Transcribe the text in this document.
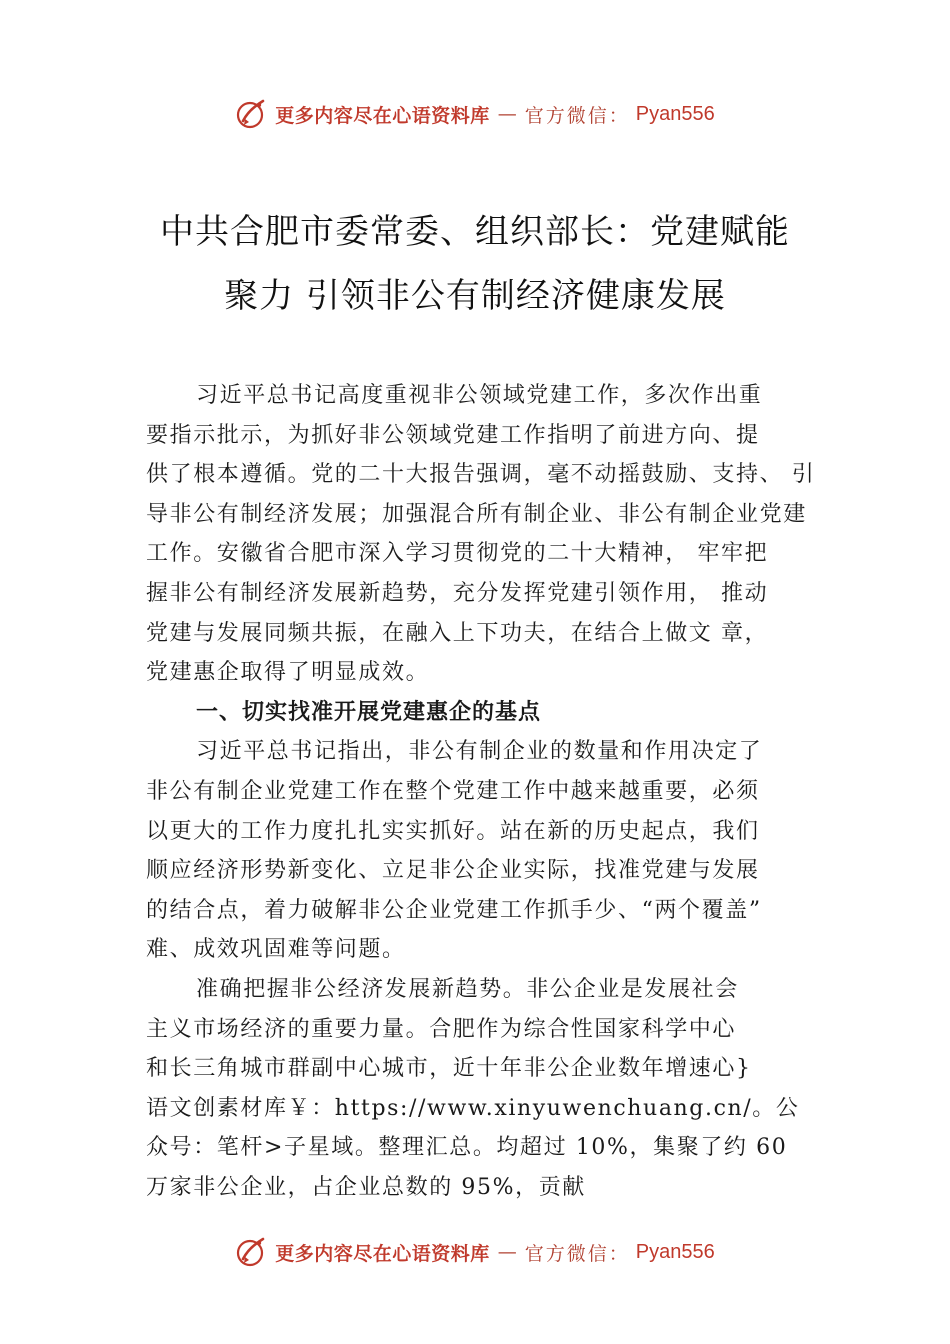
更多内容尽在心语资料库 — 官方微信： Pyan556
中共合肥市委常委、组织部长：党建赋能
聚力 引领非公有制经济健康发展

习近平总书记高度重视非公领域党建工作，多次作出重

要指示批示，为抓好非公领域党建工作指明了前进方向、提

供了根本遵循。党的二十大报告强调，毫不动摇鼓励、支持、 引

导非公有制经济发展；加强混合所有制企业、非公有制企业党建

工作。安徽省合肥市深入学习贯彻党的二十大精神， 牢牢把

握非公有制经济发展新趋势，充分发挥党建引领作用， 推动

党建与发展同频共振，在融入上下功夫，在结合上做文 章，

党建惠企取得了明显成效。

一、切实找准开展党建惠企的基点

习近平总书记指出，非公有制企业的数量和作用决定了

非公有制企业党建工作在整个党建工作中越来越重要，必须

以更大的工作力度扎扎实实抓好。站在新的历史起点，我们

顺应经济形势新变化、立足非公企业实际，找准党建与发展

的结合点，着力破解非公企业党建工作抓手少、“两个覆盖”

难、成效巩固难等问题。

准确把握非公经济发展新趋势。非公企业是发展社会

主义市场经济的重要力量。合肥作为综合性国家科学中心

和长三角城市群副中心城市，近十年非公企业数年增速心}

语文创素材库￥：https://www.xinyuwenchuang.cn/。公

众号：笔杆>子星域。整理汇总。均超过 10%，集聚了约 60

万家非公企业，占企业总数的 95%，贡献

更多内容尽在心语资料库 — 官方微信： Pyan556
